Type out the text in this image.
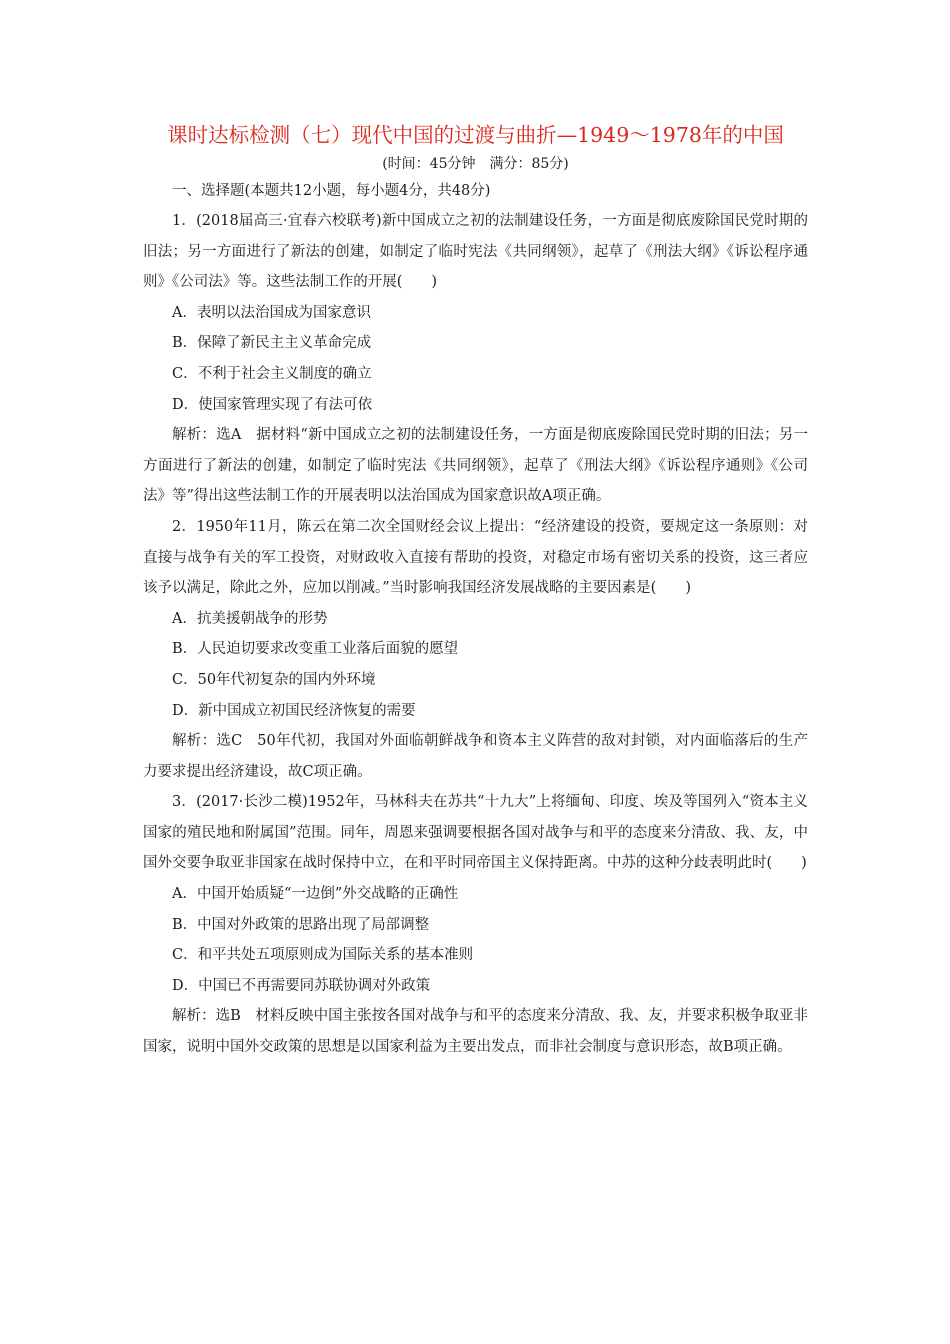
课时达标检测（七）现代中国的过渡与曲折—1949～1978年的中国
(时间：45分钟　满分：85分)
一、选择题(本题共12小题，每小题4分，共48分)

1．(2018届高三·宜春六校联考)新中国成立之初的法制建设任务，一方面是彻底废除国民党时期的旧法；另一方面进行了新法的创建，如制定了临时宪法《共同纲领》，起草了《刑法大纲》《诉讼程序通则》《公司法》等。这些法制工作的开展(　　)

A．表明以法治国成为国家意识

B．保障了新民主主义革命完成

C．不利于社会主义制度的确立

D．使国家管理实现了有法可依

解析：选A　据材料“新中国成立之初的法制建设任务，一方面是彻底废除国民党时期的旧法；另一方面进行了新法的创建，如制定了临时宪法《共同纲领》，起草了《刑法大纲》《诉讼程序通则》《公司法》等”得出这些法制工作的开展表明以法治国成为国家意识故A项正确。

2．1950年11月，陈云在第二次全国财经会议上提出：“经济建设的投资，要规定这一条原则：对直接与战争有关的军工投资，对财政收入直接有帮助的投资，对稳定市场有密切关系的投资，这三者应该予以满足，除此之外，应加以削减。”当时影响我国经济发展战略的主要因素是(　　)

A．抗美援朝战争的形势

B．人民迫切要求改变重工业落后面貌的愿望

C．50年代初复杂的国内外环境

D．新中国成立初国民经济恢复的需要

解析：选C　50年代初，我国对外面临朝鲜战争和资本主义阵营的敌对封锁，对内面临落后的生产力要求提出经济建设，故C项正确。

3．(2017·长沙二模)1952年，马林科夫在苏共“十九大”上将缅甸、印度、埃及等国列入“资本主义国家的殖民地和附属国”范围。同年，周恩来强调要根据各国对战争与和平的态度来分清敌、我、友，中国外交要争取亚非国家在战时保持中立，在和平时同帝国主义保持距离。中苏的这种分歧表明此时(　　)

A．中国开始质疑“一边倒”外交战略的正确性

B．中国对外政策的思路出现了局部调整

C．和平共处五项原则成为国际关系的基本准则

D．中国已不再需要同苏联协调对外政策

解析：选B　材料反映中国主张按各国对战争与和平的态度来分清敌、我、友，并要求积极争取亚非国家，说明中国外交政策的思想是以国家利益为主要出发点，而非社会制度与意识形态，故B项正确。
